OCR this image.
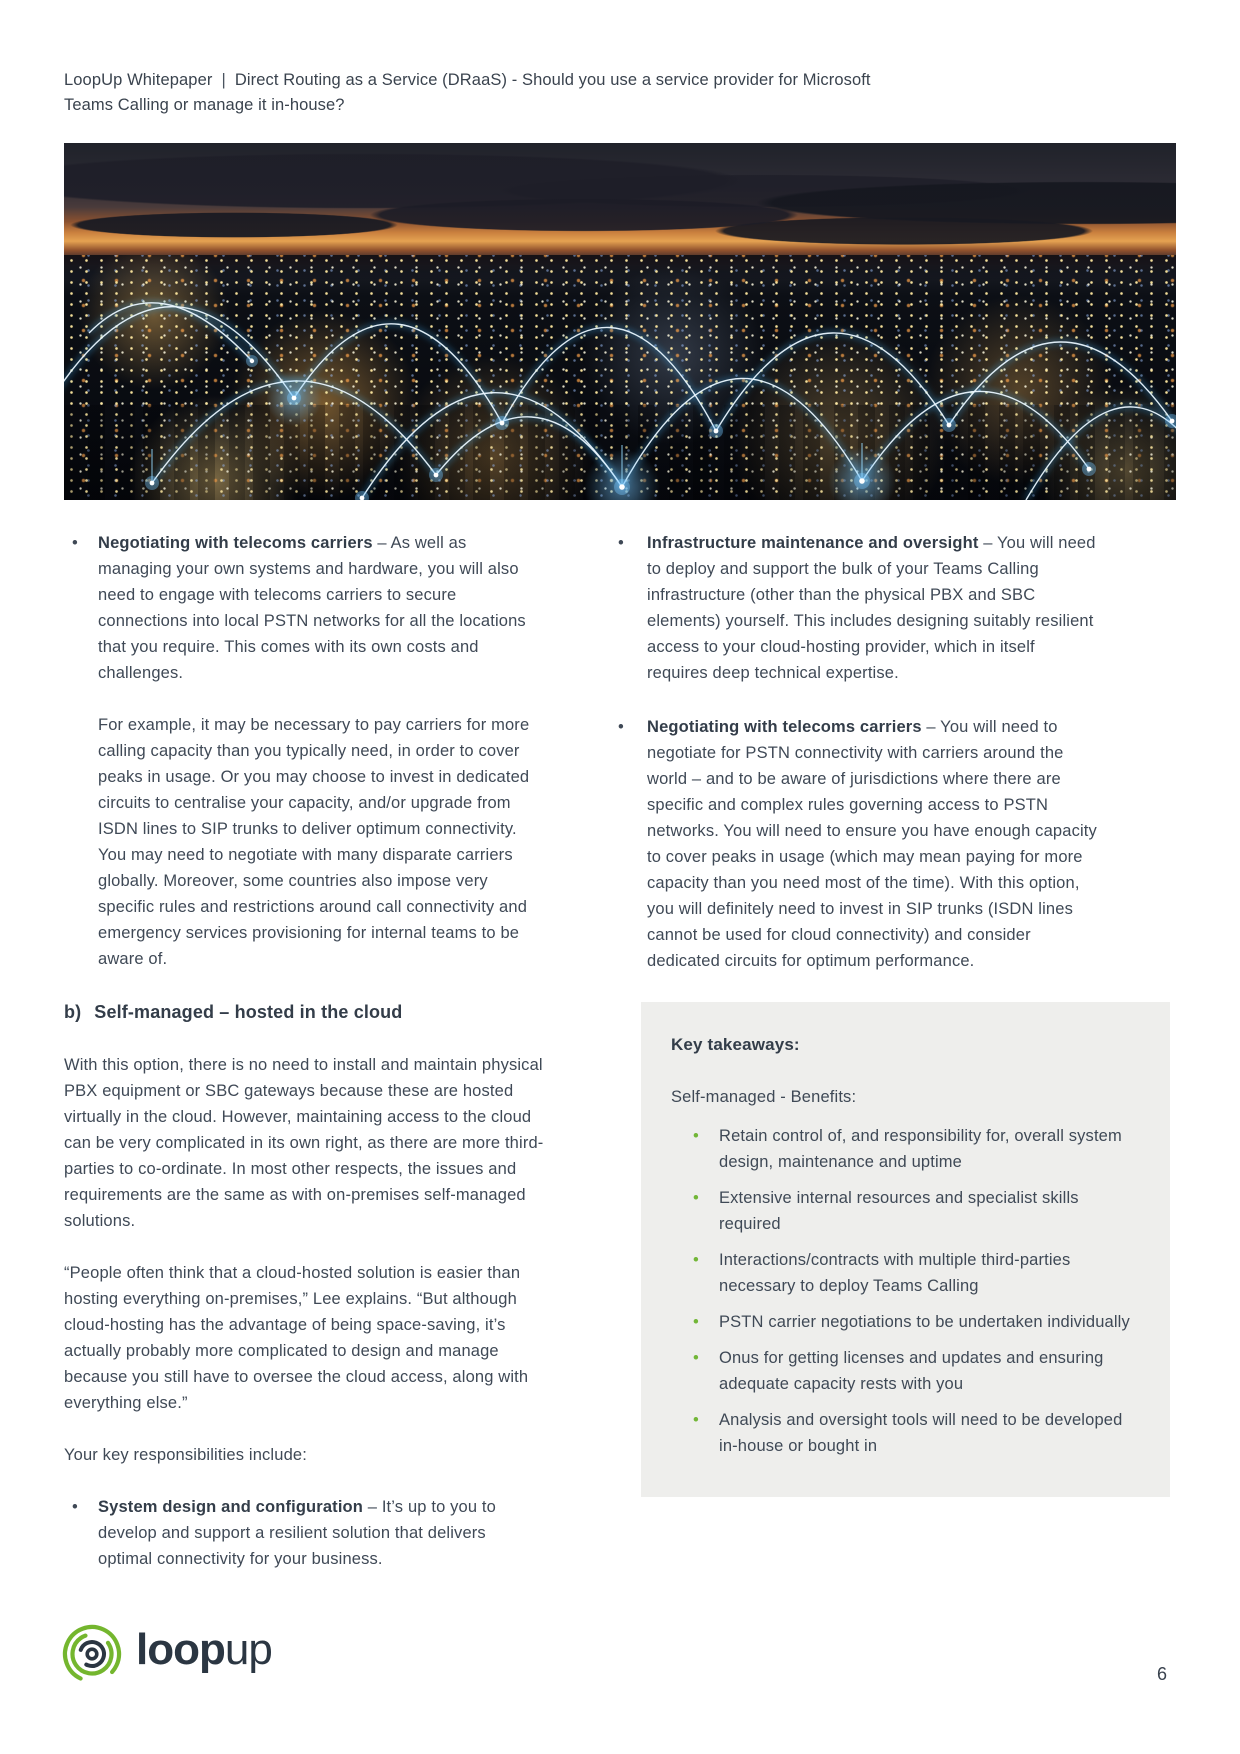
LoopUp Whitepaper | Direct Routing as a Service (DRaaS) - Should you use a service provider for Microsoft Teams Calling or manage it in-house?
• Negotiating with telecoms carriers – As well as managing your own systems and hardware, you will also need to engage with telecoms carriers to secure connections into local PSTN networks for all the locations that you require. This comes with its own costs and challenges.

For example, it may be necessary to pay carriers for more calling capacity than you typically need, in order to cover peaks in usage. Or you may choose to invest in dedicated circuits to centralise your capacity, and/or upgrade from ISDN lines to SIP trunks to deliver optimum connectivity. You may need to negotiate with many disparate carriers globally. Moreover, some countries also impose very specific rules and restrictions around call connectivity and emergency services provisioning for internal teams to be aware of.

b) Self-managed – hosted in the cloud

With this option, there is no need to install and maintain physical PBX equipment or SBC gateways because these are hosted virtually in the cloud. However, maintaining access to the cloud can be very complicated in its own right, as there are more third-parties to co-ordinate. In most other respects, the issues and requirements are the same as with on-premises self-managed solutions.

“People often think that a cloud-hosted solution is easier than hosting everything on-premises,” Lee explains. “But although cloud-hosting has the advantage of being space-saving, it’s actually probably more complicated to design and manage because you still have to oversee the cloud access, along with everything else.”

Your key responsibilities include:

• System design and configuration – It’s up to you to develop and support a resilient solution that delivers optimal connectivity for your business.
• Infrastructure maintenance and oversight – You will need to deploy and support the bulk of your Teams Calling infrastructure (other than the physical PBX and SBC elements) yourself. This includes designing suitably resilient access to your cloud-hosting provider, which in itself requires deep technical expertise.
• Negotiating with telecoms carriers – You will need to negotiate for PSTN connectivity with carriers around the world – and to be aware of jurisdictions where there are specific and complex rules governing access to PSTN networks. You will need to ensure you have enough capacity to cover peaks in usage (which may mean paying for more capacity than you need most of the time). With this option, you will definitely need to invest in SIP trunks (ISDN lines cannot be used for cloud connectivity) and consider dedicated circuits for optimum performance.
Key takeaways:
Self-managed - Benefits:
• Retain control of, and responsibility for, overall system design, maintenance and uptime
• Extensive internal resources and specialist skills required
• Interactions/contracts with multiple third-parties necessary to deploy Teams Calling
• PSTN carrier negotiations to be undertaken individually
• Onus for getting licenses and updates and ensuring adequate capacity rests with you
• Analysis and oversight tools will need to be developed in-house or bought in
loopup	6
